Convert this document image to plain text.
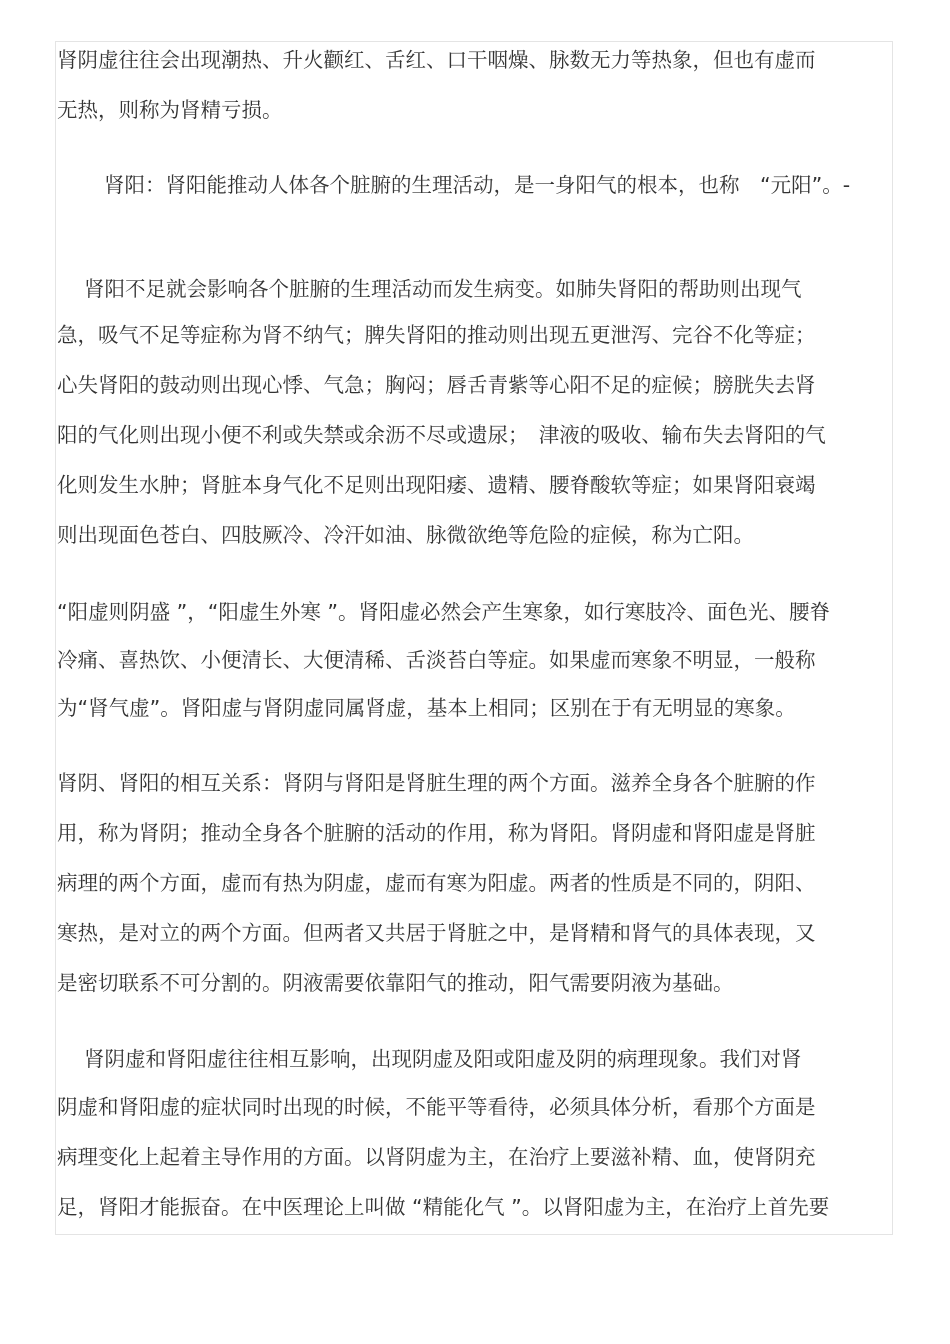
肾阴虚往往会出现潮热、升火颧红、舌红、口干咽燥、脉数无力等热象，但也有虚而

无热，则称为肾精亏损。

肾阳：肾阳能推动人体各个脏腑的生理活动，是一身阳气的根本，也称　“元阳”。-

肾阳不足就会影响各个脏腑的生理活动而发生病变。如肺失肾阳的帮助则出现气

急，吸气不足等症称为肾不纳气；脾失肾阳的推动则出现五更泄泻、完谷不化等症；

心失肾阳的鼓动则出现心悸、气急；胸闷；唇舌青紫等心阳不足的症候；膀胱失去肾

阳的气化则出现小便不利或失禁或余沥不尽或遗尿；　津液的吸收、输布失去肾阳的气

化则发生水肿；肾脏本身气化不足则出现阳痿、遗精、腰脊酸软等症；如果肾阳衰竭

则出现面色苍白、四肢厥冷、冷汗如油、脉微欲绝等危险的症候，称为亡阳。

“阳虚则阴盛 ”，“阳虚生外寒 ”。肾阳虚必然会产生寒象，如行寒肢冷、面色光、腰脊

冷痛、喜热饮、小便清长、大便清稀、舌淡苔白等症。如果虚而寒象不明显，一般称

为“肾气虚”。肾阳虚与肾阴虚同属肾虚，基本上相同；区别在于有无明显的寒象。

肾阴、肾阳的相互关系：肾阴与肾阳是肾脏生理的两个方面。滋养全身各个脏腑的作

用，称为肾阴；推动全身各个脏腑的活动的作用，称为肾阳。肾阴虚和肾阳虚是肾脏

病理的两个方面，虚而有热为阴虚，虚而有寒为阳虚。两者的性质是不同的，阴阳、

寒热，是对立的两个方面。但两者又共居于肾脏之中，是肾精和肾气的具体表现，又

是密切联系不可分割的。阴液需要依靠阳气的推动，阳气需要阴液为基础。

肾阴虚和肾阳虚往往相互影响，出现阴虚及阳或阳虚及阴的病理现象。我们对肾

阴虚和肾阳虚的症状同时出现的时候，不能平等看待，必须具体分析，看那个方面是

病理变化上起着主导作用的方面。以肾阴虚为主，在治疗上要滋补精、血，使肾阴充

足，肾阳才能振奋。在中医理论上叫做 “精能化气 ”。以肾阳虚为主，在治疗上首先要
